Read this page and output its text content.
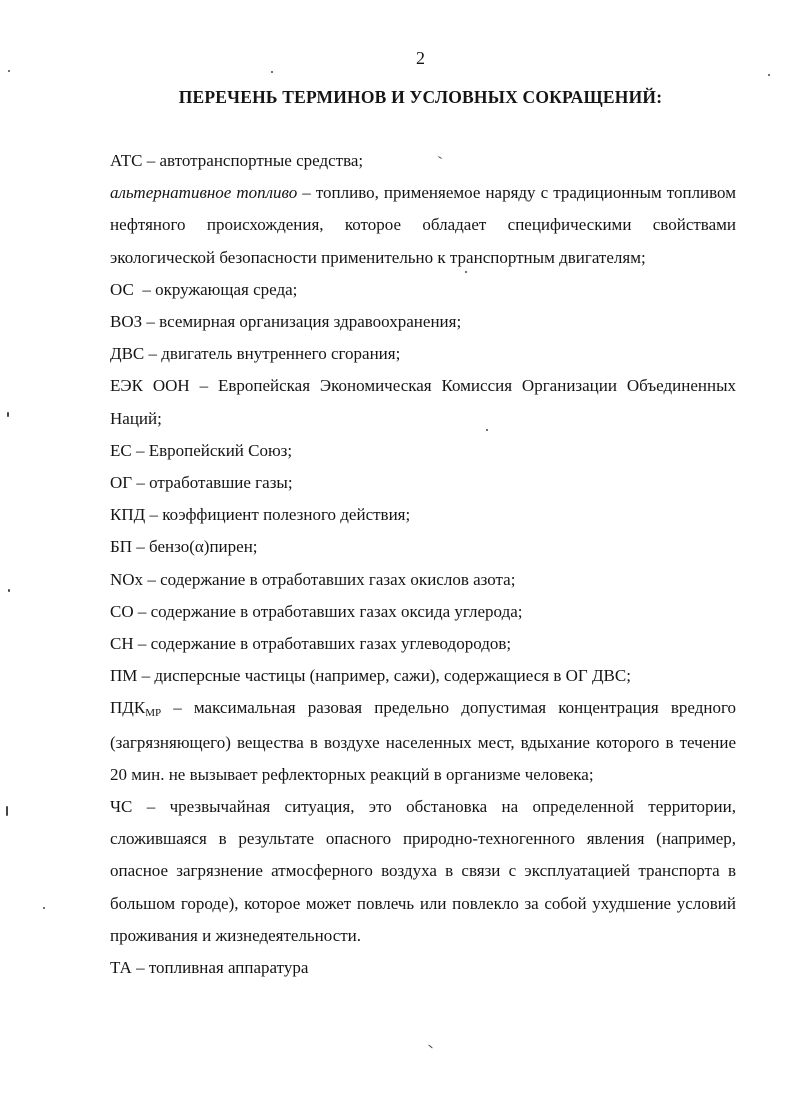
2
ПЕРЕЧЕНЬ ТЕРМИНОВ И УСЛОВНЫХ СОКРАЩЕНИЙ:

АТС – автотранспортные средства;

альтернативное топливо – топливо, применяемое наряду с традиционным топливом нефтяного происхождения, которое обладает специфическими свойствами экологической безопасности применительно к транспортным двигателям;

ОС  – окружающая среда;

ВОЗ – всемирная организация здравоохранения;

ДВС – двигатель внутреннего сгорания;

ЕЭК ООН – Европейская Экономическая Комиссия Организации Объединенных Наций;

ЕС – Европейский Союз;

ОГ – отработавшие газы;

КПД – коэффициент полезного действия;

БП – бензо(α)пирен;

NOx – содержание в отработавших газах окислов азота;

СО – содержание в отработавших газах оксида углерода;

СН – содержание в отработавших газах углеводородов;

ПМ – дисперсные частицы (например, сажи), содержащиеся в ОГ ДВС;

ПДКМР – максимальная разовая предельно допустимая концентрация вредного (загрязняющего) вещества в воздухе населенных мест, вдыхание которого в течение 20 мин. не вызывает рефлекторных реакций в организме человека;

ЧС – чрезвычайная ситуация, это обстановка на определенной территории, сложившаяся в результате опасного природно-техногенного явления (например, опасное загрязнение атмосферного воздуха в связи с эксплуатацией транспорта в большом городе), которое может повлечь или повлекло за собой ухудшение условий проживания и жизнедеятельности.

ТА – топливная аппаратура
